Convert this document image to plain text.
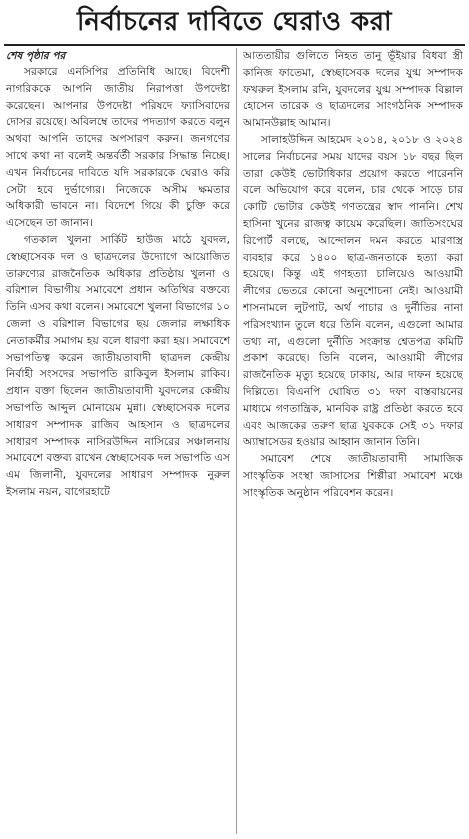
নির্বাচনের দাবিতে ঘেরাও করা

শেষ পৃষ্ঠার পর

সরকারে এনসিপির প্রতিনিধি আছে। বিদেশী নাগরিককে আপনি জাতীয় নিরাপত্তা উপদেষ্টা করেছেন। আপনার উপদেষ্টা পরিষদে ফ্যাসিবাদের দোসর রয়েছে। অবিলম্বে তাদের পদত্যাগ করতে বলুন অথবা আপনি তাদের অপসারণ করুন। জনগণের সাথে কথা না বলেই অন্তর্বর্তী সরকার সিদ্ধান্ত নিচ্ছে। এখন নির্বাচনের দাবিতে যদি সরকারকে ঘেরাও করি সেটা হবে দুর্ভাগ্যের। নিজেকে অসীম ক্ষমতার অধিকারী ভাবনে না। বিদেশে গিয়ে কী চুক্তি করে এসেছেন তা জানান।

গতকাল খুলনা সার্কিট হাউজ মাঠে যুবদল, স্বেচ্ছাসেবক দল ও ছাত্রদলের উদ্যোগে আয়োজিত তারুণ্যের রাজনৈতিক অধিকার প্রতিষ্ঠায় খুলনা ও বরিশাল বিভাগীয় সমাবেশে প্রধান অতিথির বক্তব্যে তিনি এসব কথা বলেন। সমাবেশে খুলনা বিভাগের ১০ জেলা ও বরিশাল বিভাগের ছয় জেলার লক্ষাধিক নেতাকর্মীর সমাগম হয় বলে ধারণা করা হয়। সমাবেশে সভাপতিত্ব করেন জাতীয়তাবাদী ছাত্রদল কেন্দ্রীয় নির্বাহী সংসদের সভাপতি রাকিবুল ইসলাম রাকিব। প্রধান বক্তা ছিলেন জাতীয়তাবাদী যুবদলের কেন্দ্রীয় সভাপতি আব্দুল মোনায়েম মুন্না। স্বেচ্ছাসেবক দলের সাধারণ সম্পাদক রাজিব আহসান ও ছাত্রদলের সাধারণ সম্পাদক নাসিরউদ্দিন নাসিরের সঞ্চালনায় সমাবেশে বক্তব্য রাখেন স্বেচ্ছাসেবক দল সভাপতি এস এম জিলানী, যুবদলের সাধারণ সম্পাদক নুরুল ইসলাম নয়ন, বাগেরহাটে

আততায়ীর গুলিতে নিহত তানু ভূঁইয়ার বিধবা স্ত্রী কানিজ ফাতেমা, স্বেচ্ছাসেবক দলের যুগ্ম সম্পাদক ফখরুল ইসলাম রনি, যুবদলের যুগ্ম সম্পাদক বিল্লাল হোসেন তারেক ও ছাত্রদলের সাংগঠনিক সম্পাদক আমানউল্লাহ আমান।

সালাহউদ্দিন আহমেদ ২০১৪, ২০১৮ ও ২০২৪ সালের নির্বাচনের সময় যাদের বয়স ১৮ বছর ছিল তারা কেউই ভোটাধিকার প্রয়োগ করতে পারেননি বলে অভিযোগ করে বলেন, চার থেকে সাড়ে চার কোটি ভোটার কেউই গণতন্ত্রের স্বাদ পাননি। শেখ হাসিনা খুনের রাজত্ব কায়েম করেছিল। জাতিসংঘের রিপোর্ট বলছে, আন্দোলন দমন করতে মারণাস্ত্র ব্যবহার করে ১৪০০ ছাত্র-জনতাকে হত্যা করা হয়েছে। কিন্তু এই গণহত্যা চালিয়েও আওয়ামী লীগের ভেতরে কোনো অনুশোচনা নেই। আওয়ামী শাসনামলে লুটপাট, অর্থ পাচার ও দুর্নীতির নানা পরিসংখ্যান তুলে ধরে তিনি বলেন, এগুলো আমার তথ্য না, এগুলো দুর্নীতি সংক্রান্ত শ্বেতপত্র কমিটি প্রকাশ করেছে। তিনি বলেন, আওয়ামী লীগের রাজনৈতিক মৃত্যু হয়েছে ঢাকায়, আর দাফন হয়েছে দিল্লিতে। বিএনপি ঘোষিত ৩১ দফা বাস্তবায়নের মাধ্যমে গণতান্ত্রিক, মানবিক রাষ্ট্র প্রতিষ্ঠা করতে হবে এবং আজকের তরুণ ছাত্র যুবককে সেই ৩১ দফার অ্যাম্বাসেডর হওয়ার আহ্বান জানান তিনি।

সমাবেশ শেষে জাতীয়তাবাদী সামাজিক সাংস্কৃতিক সংস্থা জাসাসের শিল্পীরা সমাবেশ মঞ্চে সাংস্কৃতিক অনুষ্ঠান পরিবেশন করেন।
